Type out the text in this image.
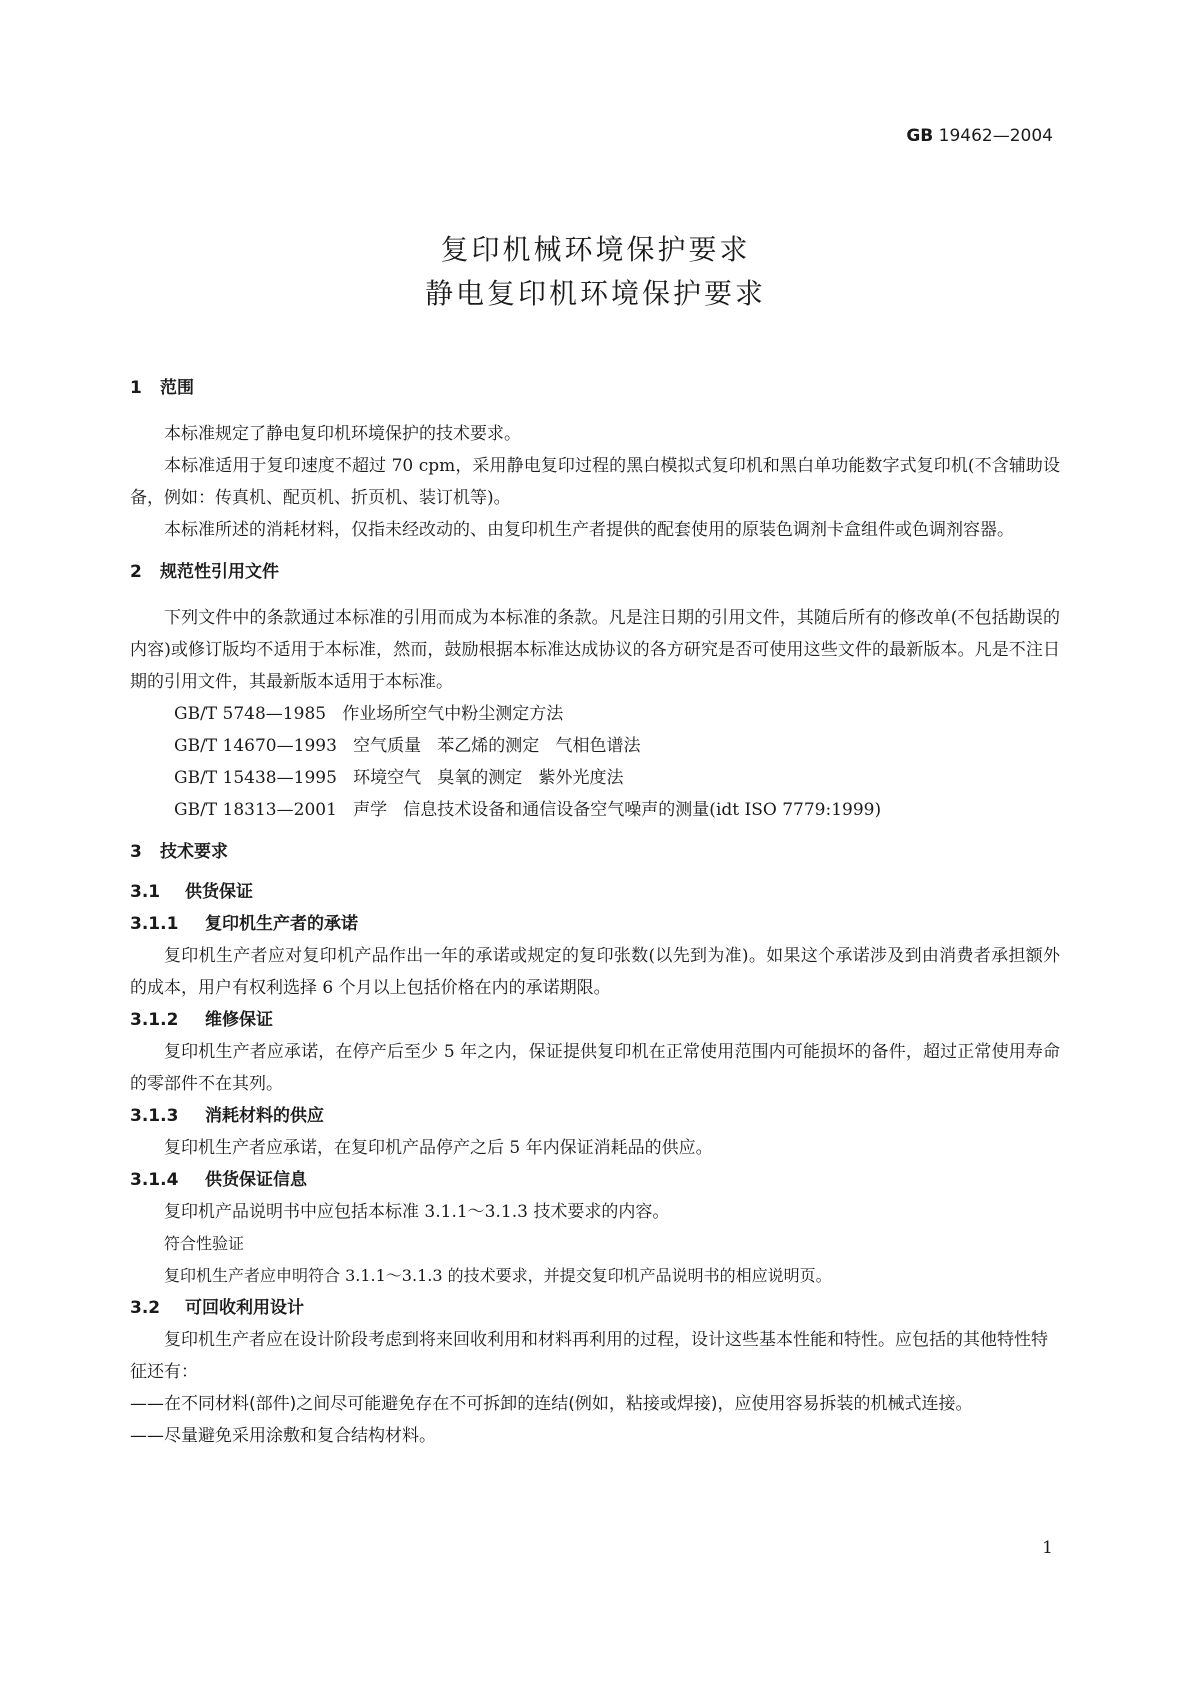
GB 19462—2004
复印机械环境保护要求
静电复印机环境保护要求
1 范围
本标准规定了静电复印机环境保护的技术要求。
本标准适用于复印速度不超过 70 cpm，采用静电复印过程的黑白模拟式复印机和黑白单功能数字式复印机(不含辅助设备，例如：传真机、配页机、折页机、装订机等)。
本标准所述的消耗材料，仅指未经改动的、由复印机生产者提供的配套使用的原装色调剂卡盒组件或色调剂容器。
2 规范性引用文件
下列文件中的条款通过本标准的引用而成为本标准的条款。凡是注日期的引用文件，其随后所有的修改单(不包括勘误的内容)或修订版均不适用于本标准，然而，鼓励根据本标准达成协议的各方研究是否可使用这些文件的最新版本。凡是不注日期的引用文件，其最新版本适用于本标准。
GB/T 5748—1985   作业场所空气中粉尘测定方法
GB/T 14670—1993   空气质量   苯乙烯的测定   气相色谱法
GB/T 15438—1995   环境空气   臭氧的测定   紫外光度法
GB/T 18313—2001   声学   信息技术设备和通信设备空气噪声的测量(idt ISO 7779:1999)
3 技术要求
3.1 供货保证
3.1.1 复印机生产者的承诺
复印机生产者应对复印机产品作出一年的承诺或规定的复印张数(以先到为准)。如果这个承诺涉及到由消费者承担额外的成本，用户有权利选择 6 个月以上包括价格在内的承诺期限。
3.1.2 维修保证
复印机生产者应承诺，在停产后至少 5 年之内，保证提供复印机在正常使用范围内可能损坏的备件，超过正常使用寿命的零部件不在其列。
3.1.3 消耗材料的供应
复印机生产者应承诺，在复印机产品停产之后 5 年内保证消耗品的供应。
3.1.4 供货保证信息
复印机产品说明书中应包括本标准 3.1.1～3.1.3 技术要求的内容。
符合性验证
复印机生产者应申明符合 3.1.1～3.1.3 的技术要求，并提交复印机产品说明书的相应说明页。
3.2 可回收利用设计
复印机生产者应在设计阶段考虑到将来回收利用和材料再利用的过程，设计这些基本性能和特性。应包括的其他特性特征还有：
——在不同材料(部件)之间尽可能避免存在不可拆卸的连结(例如，粘接或焊接)，应使用容易拆装的机械式连接。
——尽量避免采用涂敷和复合结构材料。
1
